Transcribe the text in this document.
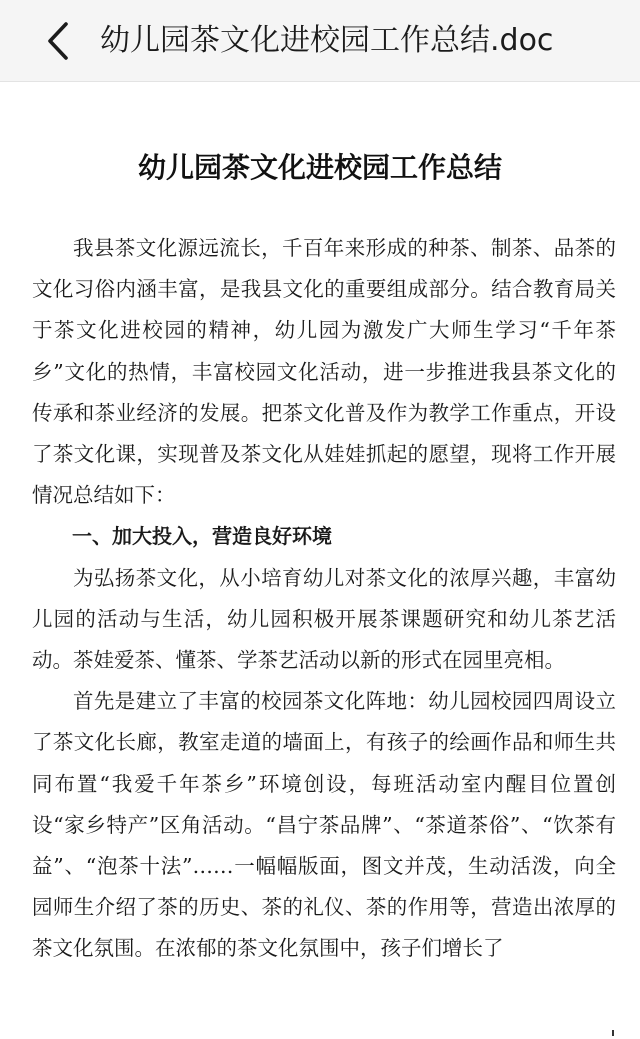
幼儿园茶文化进校园工作总结.doc
幼儿园茶文化进校园工作总结

我县茶文化源远流长，千百年来形成的种茶、制茶、品茶的文化习俗内涵丰富，是我县文化的重要组成部分。结合教育局关于茶文化进校园的精神，幼儿园为激发广大师生学习“千年茶乡”文化的热情，丰富校园文化活动，进一步推进我县茶文化的传承和茶业经济的发展。把茶文化普及作为教学工作重点，开设了茶文化课，实现普及茶文化从娃娃抓起的愿望，现将工作开展情况总结如下：

一、加大投入，营造良好环境

为弘扬茶文化，从小培育幼儿对茶文化的浓厚兴趣，丰富幼儿园的活动与生活，幼儿园积极开展茶课题研究和幼儿茶艺活动。茶娃爱茶、懂茶、学茶艺活动以新的形式在园里亮相。

首先是建立了丰富的校园茶文化阵地：幼儿园校园四周设立了茶文化长廊，教室走道的墙面上，有孩子的绘画作品和师生共同布置“我爱千年茶乡”环境创设，每班活动室内醒目位置创设“家乡特产”区角活动。“昌宁茶品牌”、“茶道茶俗”、“饮茶有益”、“泡茶十法”……一幅幅版面，图文并茂，生动活泼，向全园师生介绍了茶的历史、茶的礼仪、茶的作用等，营造出浓厚的茶文化氛围。在浓郁的茶文化氛围中，孩子们增长了
